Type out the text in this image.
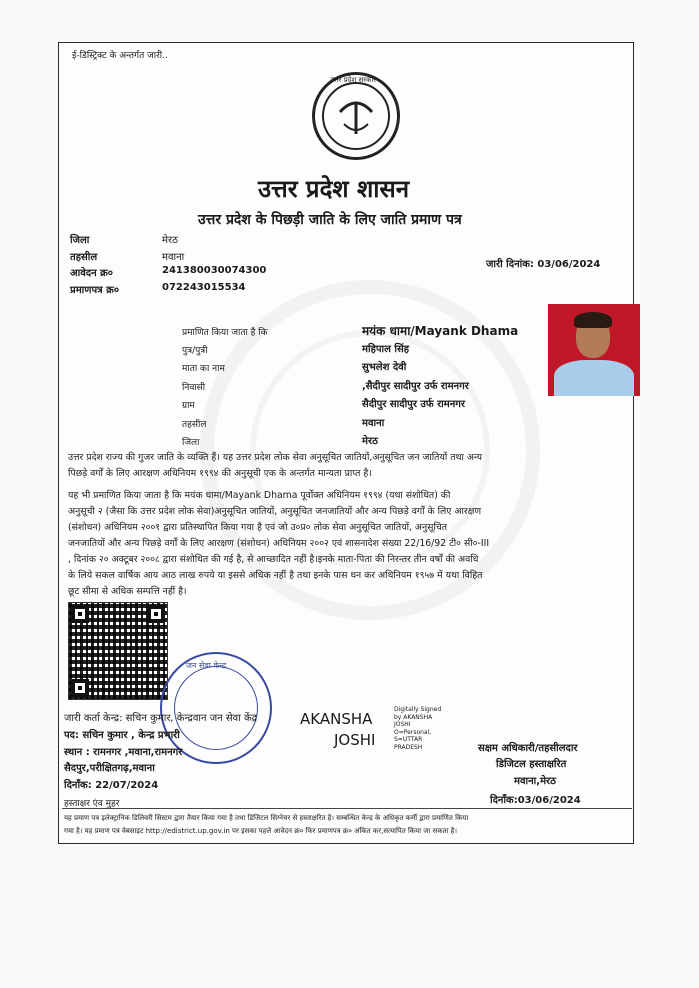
ई-डिस्ट्रिक्ट के अन्तर्गत जारी..
उत्तर प्रदेश सरकार
उत्तर प्रदेश शासन
उत्तर प्रदेश के पिछड़ी जाति के लिए जाति प्रमाण पत्र
जिला	मेरठ
तहसील	मवाना
आवेदन क्र०	241380030074300
प्रमाणपत्र क्र०	072243015534
जारी दिनांक: 03/06/2024
प्रमाणित किया जाता है कि	मयंक धामा/Mayank Dhama
पुत्र/पुत्री	महिपाल सिंह
माता का नाम	सुभलेश देवी
निवासी	,सैदीपुर सादीपुर उर्फ रामनगर
ग्राम	सैदीपुर सादीपुर उर्फ रामनगर
तहसील	मवाना
जिला	मेरठ
उत्तर प्रदेश राज्य की गुजर जाति के व्यक्ति हैं। यह उत्तर प्रदेश लोक सेवा अनुसूचित जातियों,अनुसूचित जन जातियों तथा अन्य
पिछड़े वर्गों के लिए आरक्षण अधिनियम १९९४ की अनुसूची एक के अन्तर्गत मान्यता प्राप्त है।
यह भी प्रमाणित किया जाता है कि मयंक धामा/Mayank Dhama पूर्वोक्त अधिनियम १९९४ (यथा संशोधित) की
अनुसूची २ (जैसा कि उत्तर प्रदेश लोक सेवा)अनुसूचित जातियों, अनुसूचित जनजातियों और अन्य पिछड़े वर्गों के लिए आरक्षण
(संशोधन) अधिनियम २००१ द्वारा प्रतिस्थापित किया गया है एवं जो उ०प्र० लोक सेवा अनुसूचित जातियों, अनुसूचित
जनजातियों और अन्य पिछड़े वर्गों के लिए आरक्षण (संशोधन) अधिनियम २००२ एवं शासनादेश संख्या 22/16/92 टी० सी०-III
, दिनांक २० अक्टूबर २००८ द्वारा संशोधित की गई है, से आच्छादित नहीं है।इनके माता-पिता की निरन्तर तीन वर्षों की अवधि
के लिये सकल वार्षिक आय आठ लाख रुपये या इससे अधिक नहीं है तथा इनके पास धन कर अधिनियम १९५७ में यथा विहित
छूट सीमा से अधिक सम्पत्ति नहीं है।
जन सेवा केन्द्र
जारी कर्ता केन्द्र: सचिन कुमार, केन्द्रवान जन सेवा केंद्र
पद: सचिन कुमार , केन्द्र प्रभारी
स्थान : रामनगर ,मवाना,रामनगर
सैदपुर,परीक्षितगढ़,मवाना
दिनाँक: 22/07/2024
हस्ताक्षर एंव मुहर
AKANSHA
JOSHI
Digitally Signed
by AKANSHA
JOSHI
O=Personal,
S=UTTAR
PRADESH	सक्षम अधिकारी/तहसीलदार
डिजिटल हस्ताक्षरित
मवाना,मेरठ
दिनाँक:03/06/2024
यह प्रमाण पत्र इलेक्ट्रानिक डिलिवरी सिस्टम द्वारा तैयार किया गया है तथा डिजिटल सिग्नेचर से हस्ताक्षरित है। सम्बन्धित केन्द्र के अधिकृत कर्मी द्वारा प्रमाणित किया
गया है। यह प्रमाण पत्र वेबसाइट http://edistrict.up.gov.in पर इसका पहले आवेदन क्र० फिर प्रमाणपत्र क्र० अंकित कर,सत्यापित किया जा सकता है।
